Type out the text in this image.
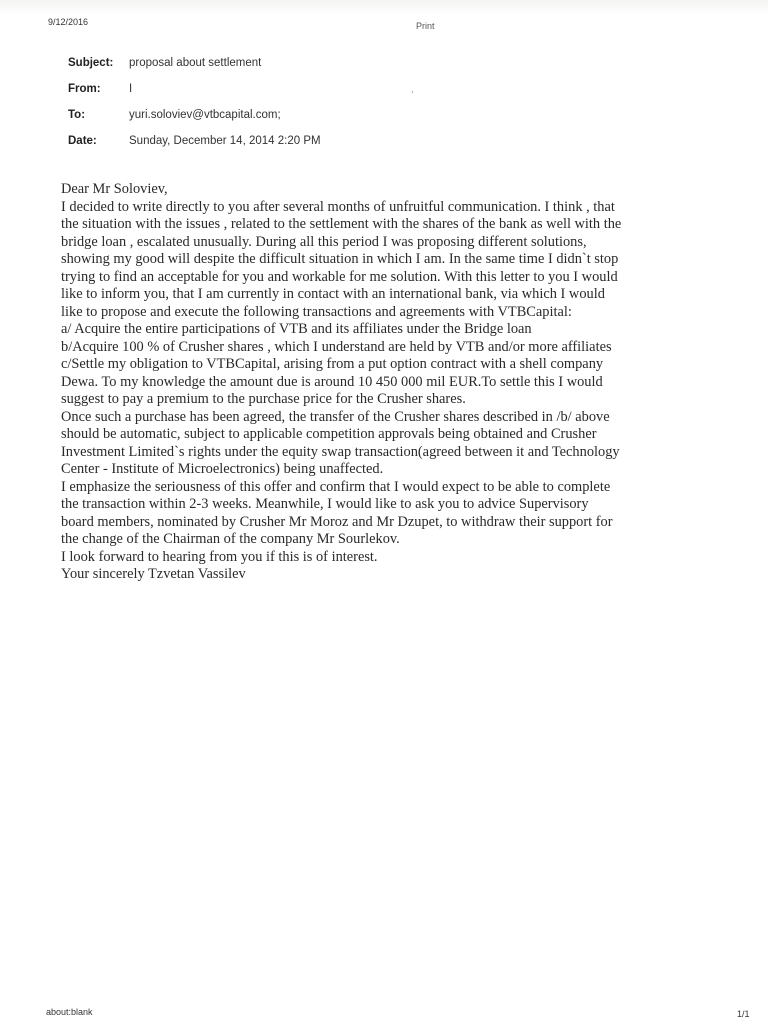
9/12/2016	Print
Subject:	proposal about settlement
From:	I	,
To:	yuri.soloviev@vtbcapital.com;
Date:	Sunday, December 14, 2014 2:20 PM

Dear Mr Soloviev,

I decided to write directly to you after several months of unfruitful communication. I think , that

the situation with the issues , related to the settlement with the shares of the bank as well with the

bridge loan , escalated unusually. During all this period I was proposing different solutions,

showing my good will despite the difficult situation in which I am. In the same time I didn`t stop

trying to find an acceptable for you and workable for me solution. With this letter to you I would

like to inform you, that I am currently in contact with an international bank, via which I would

like to propose and execute the following transactions and agreements with VTBCapital:

a/ Acquire the entire participations of VTB and its affiliates under the Bridge loan

b/Acquire 100 % of Crusher shares , which I understand are held by VTB and/or more affiliates

c/Settle my obligation to VTBCapital, arising from a put option contract with a shell company

Dewa. To my knowledge the amount due is around 10 450 000 mil EUR.To settle this I would

suggest to pay a premium to the purchase price for the Crusher shares.

Once such a purchase has been agreed, the transfer of the Crusher shares described in /b/ above

should be automatic, subject to applicable competition approvals being obtained and Crusher

Investment Limited`s rights under the equity swap transaction(agreed between it and Technology

Center - Institute of Microelectronics) being unaffected.

I emphasize the seriousness of this offer and confirm that I would expect to be able to complete

the transaction within 2-3 weeks. Meanwhile, I would like to ask you to advice Supervisory

board members, nominated by Crusher Mr Moroz and Mr Dzupet, to withdraw their support for

the change of the Chairman of the company Mr Sourlekov.

I look forward to hearing from you if this is of interest.

Your sincerely Tzvetan Vassilev

about:blank	1/1
